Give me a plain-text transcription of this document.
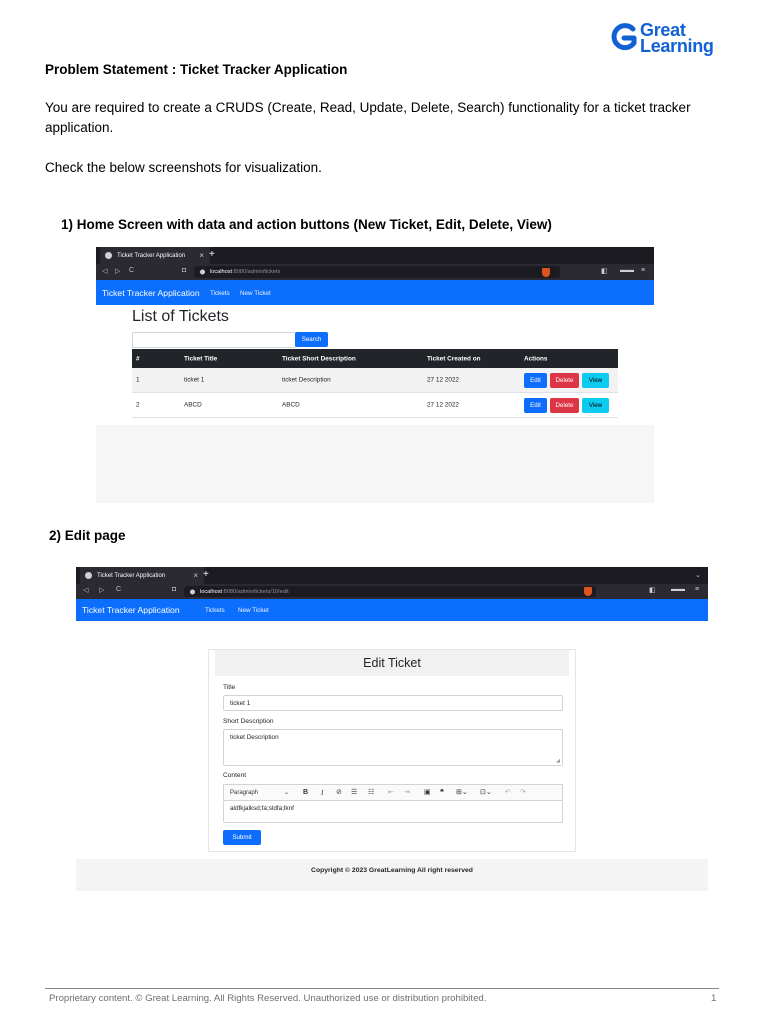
Great
Learning
Problem Statement : Ticket Tracker Application
You are required to create a CRUDS (Create, Read, Update, Delete, Search) functionality for a ticket tracker application.
Check the below screenshots for visualization.
1) Home Screen with data and action buttons (New Ticket, Edit, Delete, View)
Ticket Tracker Application × +
◁ ▷ C	◘	localhost :8080/admin/tickets	◧ ▬▬ ≡
Ticket Tracker Application Tickets New Ticket
List of Tickets
Search
#	Ticket Title	Ticket Short Description	Ticket Created on	Actions
1	ticket 1	ticket Description	27 12 2022	Edit	Delete	View
2	ABCD	ABCD	27 12 2022	Edit	Delete	View
2) Edit page
Ticket Tracker Application	× +	⌄
◁ ▷ C	◘	localhost :8080/admin/tickets/10/edit	◧ ▬▬ ≡
Ticket Tracker Application	Tickets New Ticket
Edit Ticket
Title
ticket 1
Short Description
ticket Description
◢
Content
Paragraph	⌄ B I ⊘ ☰ ☷ ⇤ ⇥ ▣ ❝ ⊞⌄ ⊡⌄ ↶ ↷
aldfkjalksd;fa;sldfa;lknf
Submit
Copyright © 2023 GreatLearning All right reserved
Proprietary content. © Great Learning. All Rights Reserved. Unauthorized use or distribution prohibited.	1
